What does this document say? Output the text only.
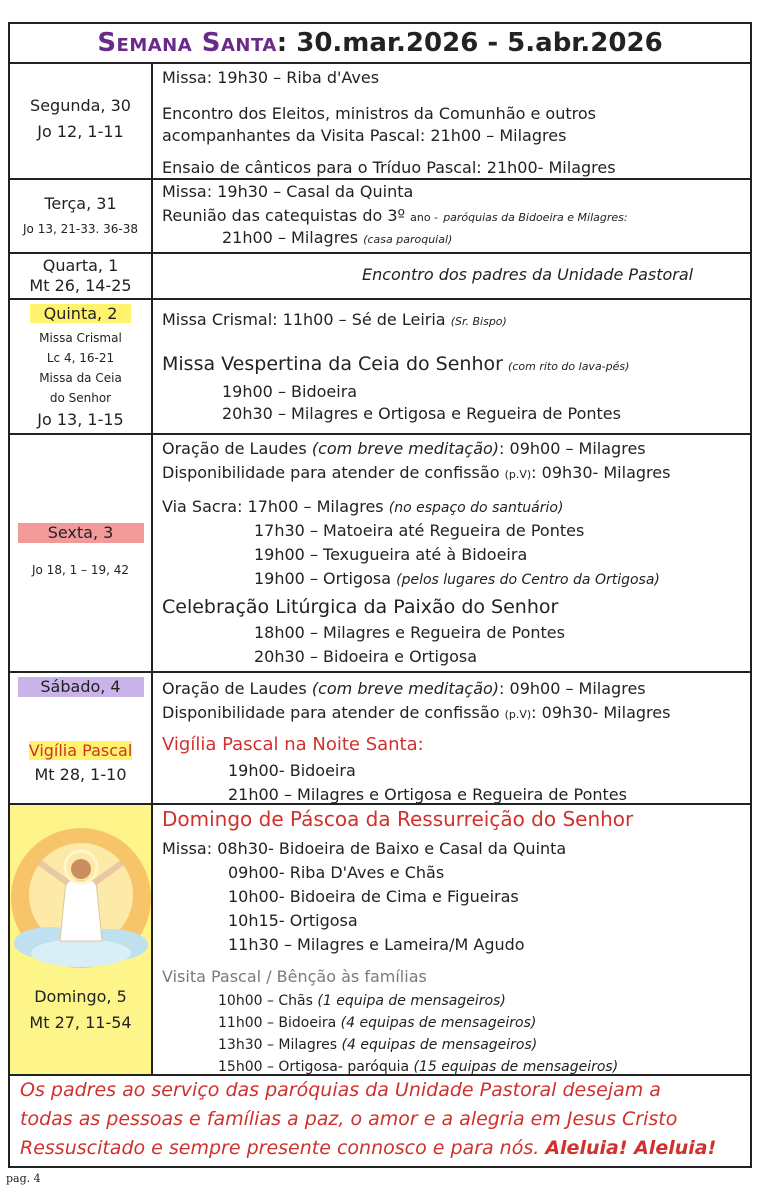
Semana Santa: 30.mar.2026 - 5.abr.2026
Segunda, 30
Jo 12, 1-11
Missa: 19h30 – Riba d'Aves
Encontro dos Eleitos, ministros da Comunhão e outros
acompanhantes da Visita Pascal: 21h00 – Milagres
Ensaio de cânticos para o Tríduo Pascal: 21h00- Milagres
Terça, 31
Jo 13, 21-33. 36-38
Missa: 19h30 – Casal da Quinta
Reunião das catequistas do 3º ano - paróquias da Bidoeira e Milagres:
21h00 – Milagres (casa paroquial)
Quarta, 1
Mt 26, 14-25
Encontro dos padres da Unidade Pastoral
Quinta, 2
Missa Crismal
Lc 4, 16-21
Missa da Ceia
do Senhor
Jo 13, 1-15
Missa Crismal: 11h00 – Sé de Leiria (Sr. Bispo)
Missa Vespertina da Ceia do Senhor (com rito do lava-pés)
19h00 – Bidoeira
20h30 – Milagres e Ortigosa e Regueira de Pontes
Sexta, 3
Jo 18, 1 – 19, 42
Oração de Laudes (com breve meditação): 09h00 – Milagres
Disponibilidade para atender de confissão (p.V): 09h30- Milagres
Via Sacra: 17h00 – Milagres (no espaço do santuário)
17h30 – Matoeira até Regueira de Pontes
19h00 – Texugueira até à Bidoeira
19h00 – Ortigosa (pelos lugares do Centro da Ortigosa)
Celebração Litúrgica da Paixão do Senhor
18h00 – Milagres e Regueira de Pontes
20h30 – Bidoeira e Ortigosa
Sábado, 4
Vigília Pascal
Mt 28, 1-10
Oração de Laudes (com breve meditação): 09h00 – Milagres
Disponibilidade para atender de confissão (p.V): 09h30- Milagres
Vigília Pascal na Noite Santa:
19h00- Bidoeira
21h00 – Milagres e Ortigosa e Regueira de Pontes
Domingo, 5
Mt 27, 11-54
Domingo de Páscoa da Ressurreição do Senhor
Missa: 08h30- Bidoeira de Baixo e Casal da Quinta
09h00- Riba D'Aves e Chãs
10h00- Bidoeira de Cima e Figueiras
10h15- Ortigosa
11h30 – Milagres e Lameira/M Agudo
Visita Pascal / Bênção às famílias
10h00 – Chãs (1 equipa de mensageiros)
11h00 – Bidoeira (4 equipas de mensageiros)
13h30 – Milagres (4 equipas de mensageiros)
15h00 – Ortigosa- paróquia (15 equipas de mensageiros)
Os padres ao serviço das paróquias da Unidade Pastoral desejam a
todas as pessoas e famílias a paz, o amor e a alegria em Jesus Cristo
Ressuscitado e sempre presente connosco e para nós. Aleluia! Aleluia!
pag. 4
